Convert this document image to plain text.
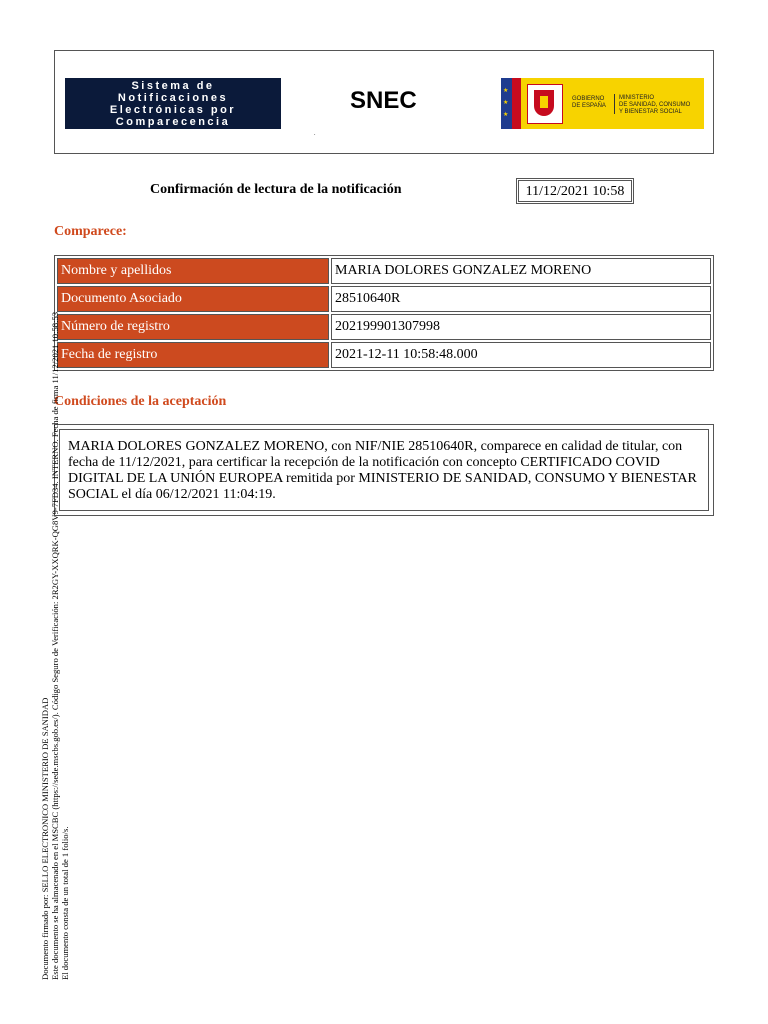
Sistema de
Notificaciones
Electrónicas por
Comparecencia
SNEC
.
★
★
★
GOBIERNO
DE ESPAÑA
MINISTERIO
DE SANIDAD, CONSUMO
Y BIENESTAR SOCIAL
Confirmación de lectura de la notificación	11/12/2021 10:58
Comparece:
Nombre y apellidos	MARIA DOLORES GONZALEZ MORENO
Documento Asociado	28510640R
Número de registro	202199901307998
Fecha de registro	2021-12-11 10:58:48.000
Condiciones de la aceptación
MARIA DOLORES GONZALEZ MORENO, con NIF/NIE 28510640R, comparece en calidad de titular, con fecha de 11/12/2021, para certificar la recepción de la notificación con concepto CERTIFICADO COVID DIGITAL DE LA UNIÓN EUROPEA remitida por MINISTERIO DE SANIDAD, CONSUMO Y BIENESTAR SOCIAL el día 06/12/2021 11:04:19.
Documento firmado por: SELLO ELECTRONICO MINISTERIO DE SANIDAD Este documento se ha almacenado en el MSCBC (https://sede.mscbs.gob.es/). Código Seguro de Verificación: 2R2GY-XXQRK-QG8V9-7FD34. INTERNO. Fecha de firma 11/12/2021 10:58:53 El documento consta de un total de 1 folio/s.
